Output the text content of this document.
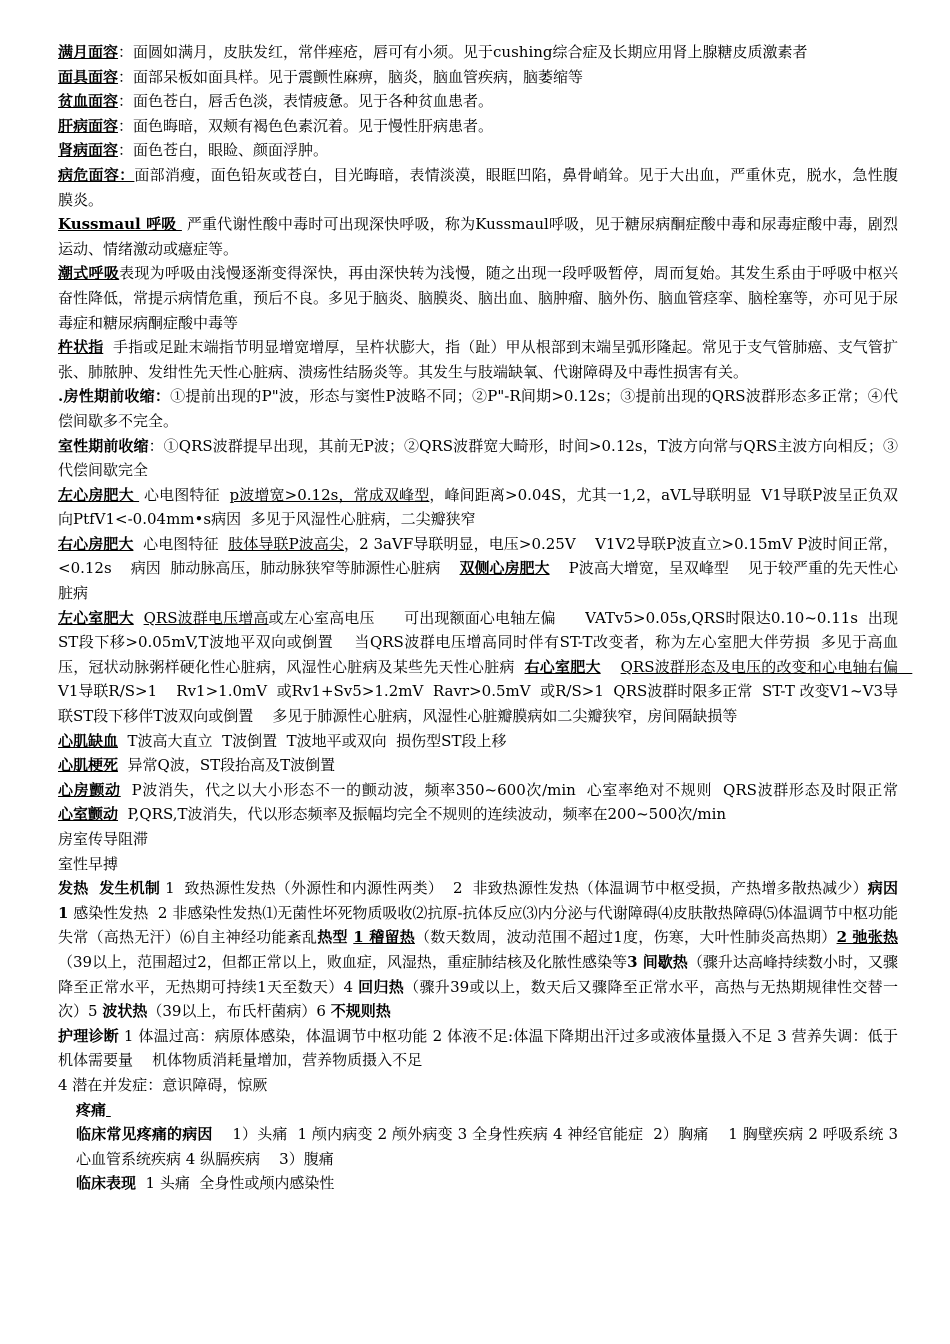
满月面容：面圆如满月，皮肤发红，常伴痤疮，唇可有小须。见于cushing综合症及长期应用肾上腺糖皮质激素者

面具面容：面部呆板如面具样。见于震颤性麻痹，脑炎，脑血管疾病，脑萎缩等

贫血面容：面色苍白，唇舌色淡，表情疲惫。见于各种贫血患者。

肝病面容：面色晦暗，双颊有褐色色素沉着。见于慢性肝病患者。

肾病面容：面色苍白，眼睑、颜面浮肿。

病危面容：面部消瘦，面色铅灰或苍白，目光晦暗，表情淡漠，眼眶凹陷，鼻骨峭耸。见于大出血，严重休克，脱水，急性腹膜炎。

Kussmaul 呼吸  严重代谢性酸中毒时可出现深快呼吸，称为Kussmaul呼吸，见于糖尿病酮症酸中毒和尿毒症酸中毒，剧烈运动、情绪激动或癔症等。

潮式呼吸表现为呼吸由浅慢逐渐变得深快，再由深快转为浅慢，随之出现一段呼吸暂停，周而复始。其发生系由于呼吸中枢兴奋性降低，常提示病情危重，预后不良。多见于脑炎、脑膜炎、脑出血、脑肿瘤、脑外伤、脑血管痉挛、脑栓塞等，亦可见于尿毒症和糖尿病酮症酸中毒等

杵状指  手指或足趾末端指节明显增宽增厚，呈杵状膨大，指（趾）甲从根部到末端呈弧形隆起。常见于支气管肺癌、支气管扩张、肺脓肿、发绀性先天性心脏病、溃疡性结肠炎等。其发生与肢端缺氧、代谢障碍及中毒性损害有关。

.房性期前收缩：①提前出现的P"波，形态与窦性P波略不同；②P"-R间期>0.12s；③提前出现的QRS波群形态多正常；④代偿间歇多不完全。

室性期前收缩：①QRS波群提早出现，其前无P波；②QRS波群宽大畸形，时间>0.12s，T波方向常与QRS主波方向相反；③代偿间歇完全

左心房肥大  心电图特征  p波增宽>0.12s，常成双峰型，峰间距离>0.04S，尤其一1,2，aVL导联明显  V1导联P波呈正负双向PtfV1<-0.04mm•s病因  多见于风湿性心脏病，二尖瓣狭窄

右心房肥大  心电图特征  肢体导联P波高尖，2 3aVF导联明显，电压>0.25V    V1V2导联P波直立>0.15mV P波时间正常，<0.12s    病因  肺动脉高压，肺动脉狭窄等肺源性心脏病    双侧心房肥大    P波高大增宽，呈双峰型    见于较严重的先天性心脏病

左心室肥大 QRS波群电压增高或左心室高电压      可出现额面心电轴左偏      VATv5>0.05s,QRS时限达0.10~0.11s  出现ST段下移>0.05mV,T波地平双向或倒置    当QRS波群电压增高同时伴有ST-T改变者，称为左心室肥大伴劳损  多见于高血压，冠状动脉粥样硬化性心脏病，风湿性心脏病及某些先天性心脏病  右心室肥大 QRS波群形态及电压的改变和心电轴右偏     V1导联R/S>1    Rv1>1.0mV  或Rv1+Sv5>1.2mV  Ravr>0.5mV  或R/S>1  QRS波群时限多正常  ST-T 改变V1~V3导联ST段下移伴T波双向或倒置    多见于肺源性心脏病，风湿性心脏瓣膜病如二尖瓣狭窄，房间隔缺损等

心肌缺血  T波高大直立  T波倒置  T波地平或双向  损伤型ST段上移

心肌梗死  异常Q波，ST段抬高及T波倒置

心房颤动  P波消失，代之以大小形态不一的颤动波，频率350~600次/min  心室率绝对不规则  QRS波群形态及时限正常    心室颤动  P,QRS,T波消失，代以形态频率及振幅均完全不规则的连续波动，频率在200~500次/min

房室传导阻滞

室性早搏

发热  发生机制 1  致热源性发热（外源性和内源性两类）  2  非致热源性发热（体温调节中枢受损，产热增多散热减少）病因 1 感染性发热  2 非感染性发热⑴无菌性坏死物质吸收⑵抗原-抗体反应⑶内分泌与代谢障碍⑷皮肤散热障碍⑸体温调节中枢功能失常（高热无汗）⑹自主神经功能紊乱热型 1 稽留热（数天数周，波动范围不超过1度，伤寒，大叶性肺炎高热期）2 弛张热（39以上，范围超过2，但都正常以上，败血症，风湿热，重症肺结核及化脓性感染等3 间歇热（骤升达高峰持续数小时，又骤降至正常水平，无热期可持续1天至数天）4 回归热（骤升39或以上，数天后又骤降至正常水平，高热与无热期规律性交替一次）5 波状热（39以上，布氏杆菌病）6 不规则热

护理诊断 1 体温过高：病原体感染，体温调节中枢功能 2 体液不足:体温下降期出汗过多或液体量摄入不足 3 营养失调：低于机体需要量    机体物质消耗量增加，营养物质摄入不足

4 潜在并发症：意识障碍，惊厥

疼痛

临床常见疼痛的病因    1）头痛  1 颅内病变 2 颅外病变 3 全身性疾病 4 神经官能症  2）胸痛    1 胸壁疾病 2 呼吸系统 3 心血管系统疾病 4 纵膈疾病    3）腹痛

临床表现  1 头痛  全身性或颅内感染性
